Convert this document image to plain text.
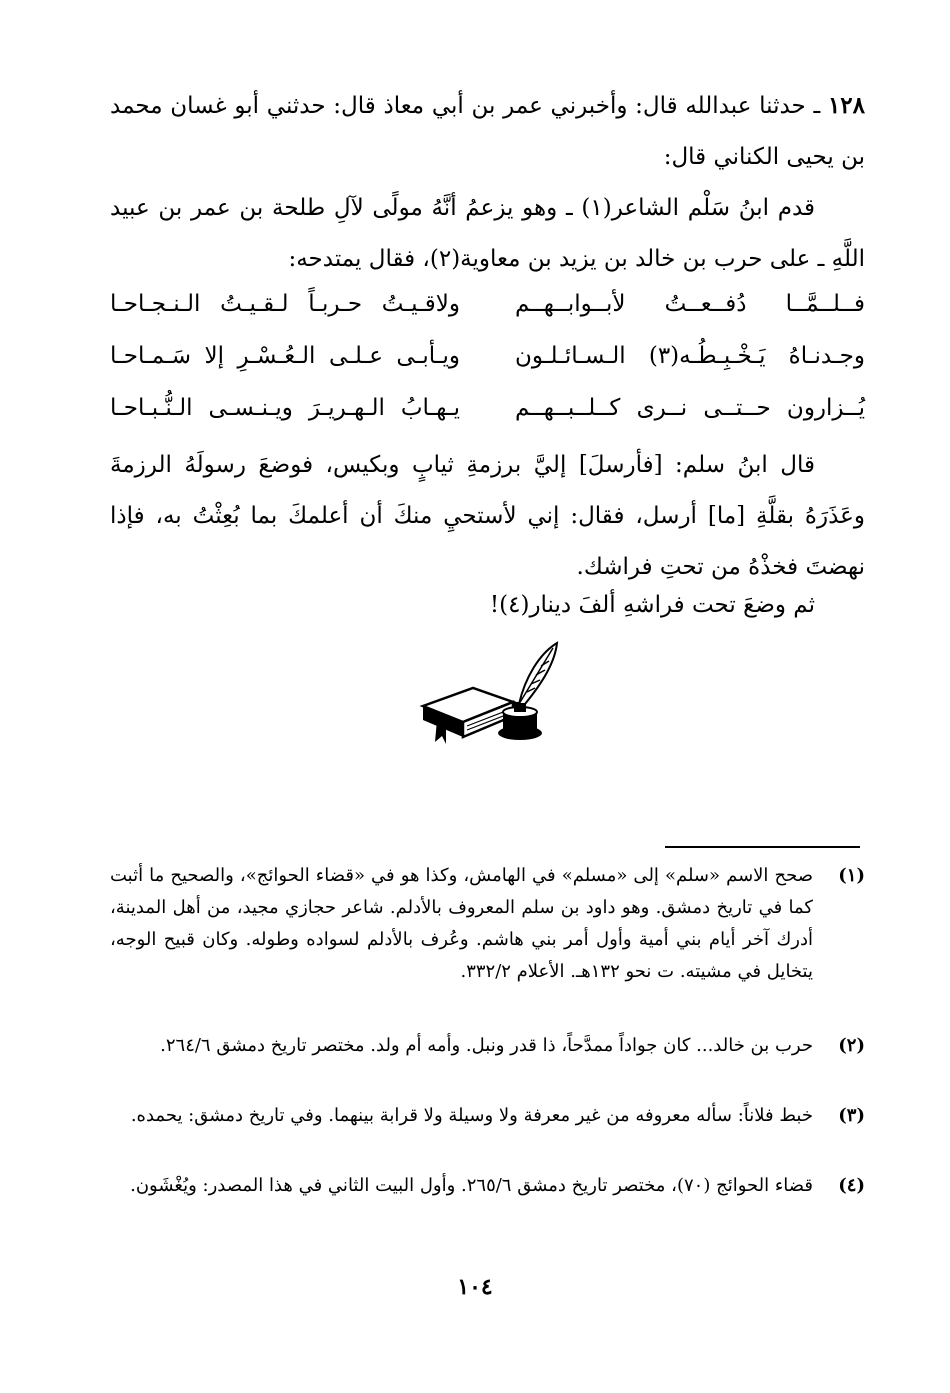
١٢٨ ـ حدثنا عبدالله قال: وأخبرني عمر بن أبي معاذ قال: حدثني أبو غسان محمد بن يحيى الكناني قال:
قدم ابنُ سَلْم الشاعر(١) ـ وهو يزعمُ أنَّهُ مولًى لآلِ طلحة بن عمر بن عبيد اللَّهِ ـ على حرب بن خالد بن يزيد بن معاوية(٢)، فقال يمتدحه:
فــلــمَّــا دُفــعــتُ لأبــوابــهــم
ولاقـيـتُ حـربـاً لـقـيـتُ الـنـجـاحـا
وجـدنـاهُ يَـخْـبِـطُـه(٣) الـسـائـلـون
ويـأبـى عـلـى الـعُـسْـرِ إلا سَـمـاحـا
يُــزارون حــتــى نــرى كــلــبــهــم
يـهـابُ الـهـريـرَ ويـنـسـى الـنُّـبـاحـا
قال ابنُ سلم: [فأرسلَ] إليَّ برزمةِ ثيابٍ وبكيس، فوضعَ رسولَهُ الرزمةَ وعَذَرَهُ بقلَّةِ [ما] أرسل، فقال: إني لأستحيِ منكَ أن أعلمكَ بما بُعِثْتُ به، فإذا نهضتَ فخذْهُ من تحتِ فراشك.
ثم وضعَ تحت فراشهِ ألفَ دينار(٤)!
(١)
صحح الاسم «سلم» إلى «مسلم» في الهامش، وكذا هو في «قضاء الحوائج»، والصحيح ما أثبت كما في تاريخ دمشق. وهو داود بن سلم المعروف بالأدلم. شاعر حجازي مجيد، من أهل المدينة، أدرك آخر أيام بني أمية وأول أمر بني هاشم. وعُرف بالأدلم لسواده وطوله. وكان قبيح الوجه، يتخايل في مشيته. ت نحو ١٣٢هـ. الأعلام ٣٣٢/٢.
(٢)
حرب بن خالد... كان جواداً ممدَّحاً، ذا قدر ونبل. وأمه أم ولد. مختصر تاريخ دمشق ٢٦٤/٦.
(٣)
خبط فلاناً: سأله معروفه من غير معرفة ولا وسيلة ولا قرابة بينهما. وفي تاريخ دمشق: يحمده.
(٤)
قضاء الحوائج (٧٠)، مختصر تاريخ دمشق ٢٦٥/٦. وأول البيت الثاني في هذا المصدر: ويُغْشَون.
١٠٤
